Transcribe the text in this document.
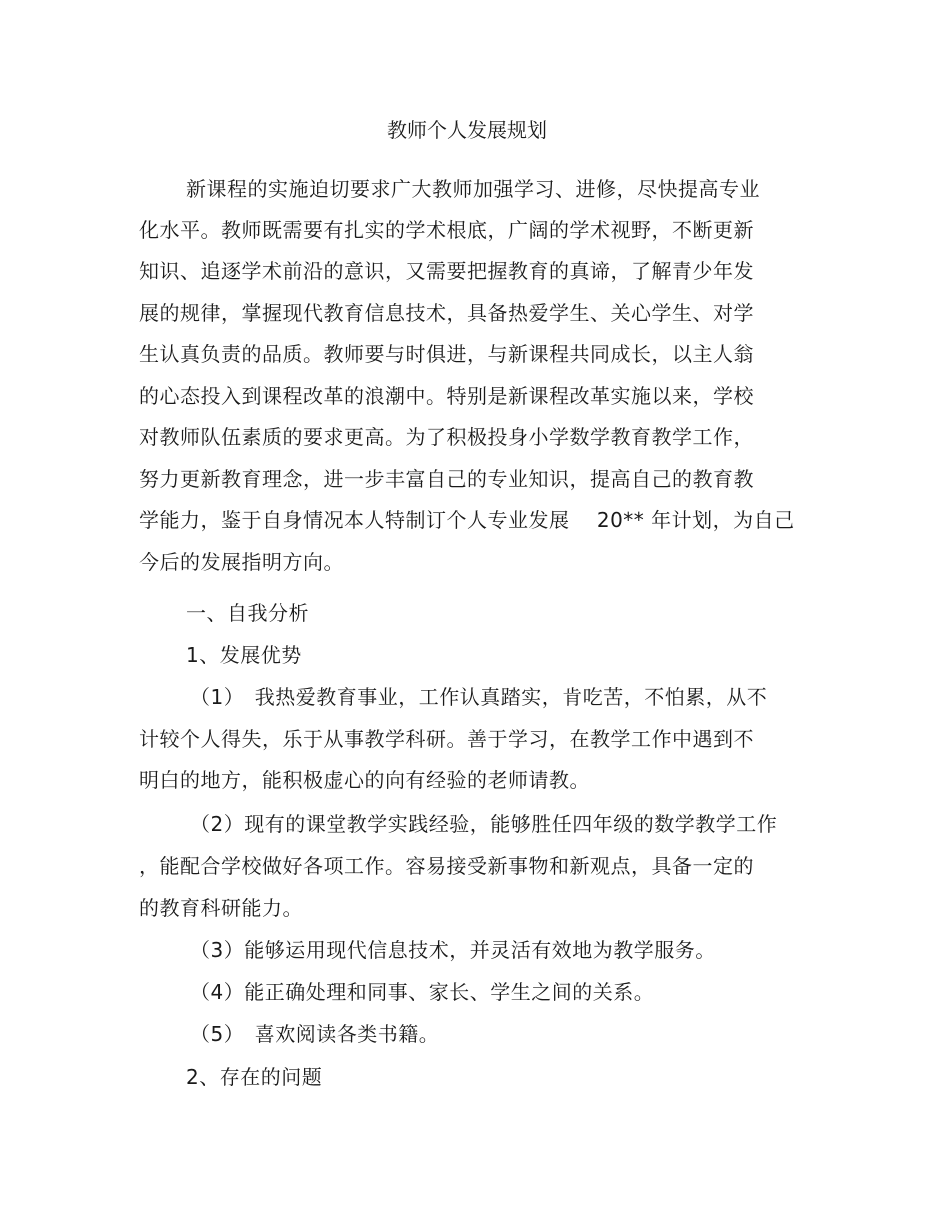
教师个人发展规划
新课程的实施迫切要求广大教师加强学习、进修，尽快提高专业
化水平。教师既需要有扎实的学术根底，广阔的学术视野，不断更新
知识、追逐学术前沿的意识，又需要把握教育的真谛，了解青少年发
展的规律，掌握现代教育信息技术，具备热爱学生、关心学生、对学
生认真负责的品质。教师要与时俱进，与新课程共同成长，以主人翁
的心态投入到课程改革的浪潮中。特别是新课程改革实施以来，学校
对教师队伍素质的要求更高。为了积极投身小学数学教育教学工作，
努力更新教育理念，进一步丰富自己的专业知识，提高自己的教育教
学能力，鉴于自身情况本人特制订个人专业发展　 20** 年计划，为自己
今后的发展指明方向。
一、自我分析
1、发展优势
（1）　我热爱教育事业，工作认真踏实，肯吃苦，不怕累，从不
计较个人得失，乐于从事教学科研。善于学习，在教学工作中遇到不
明白的地方，能积极虚心的向有经验的老师请教。
（2）现有的课堂教学实践经验，能够胜任四年级的数学教学工作
，能配合学校做好各项工作。容易接受新事物和新观点，具备一定的
的教育科研能力。
（3）能够运用现代信息技术，并灵活有效地为教学服务。
（4）能正确处理和同事、家长、学生之间的关系。
（5）　喜欢阅读各类书籍。
2、存在的问题
